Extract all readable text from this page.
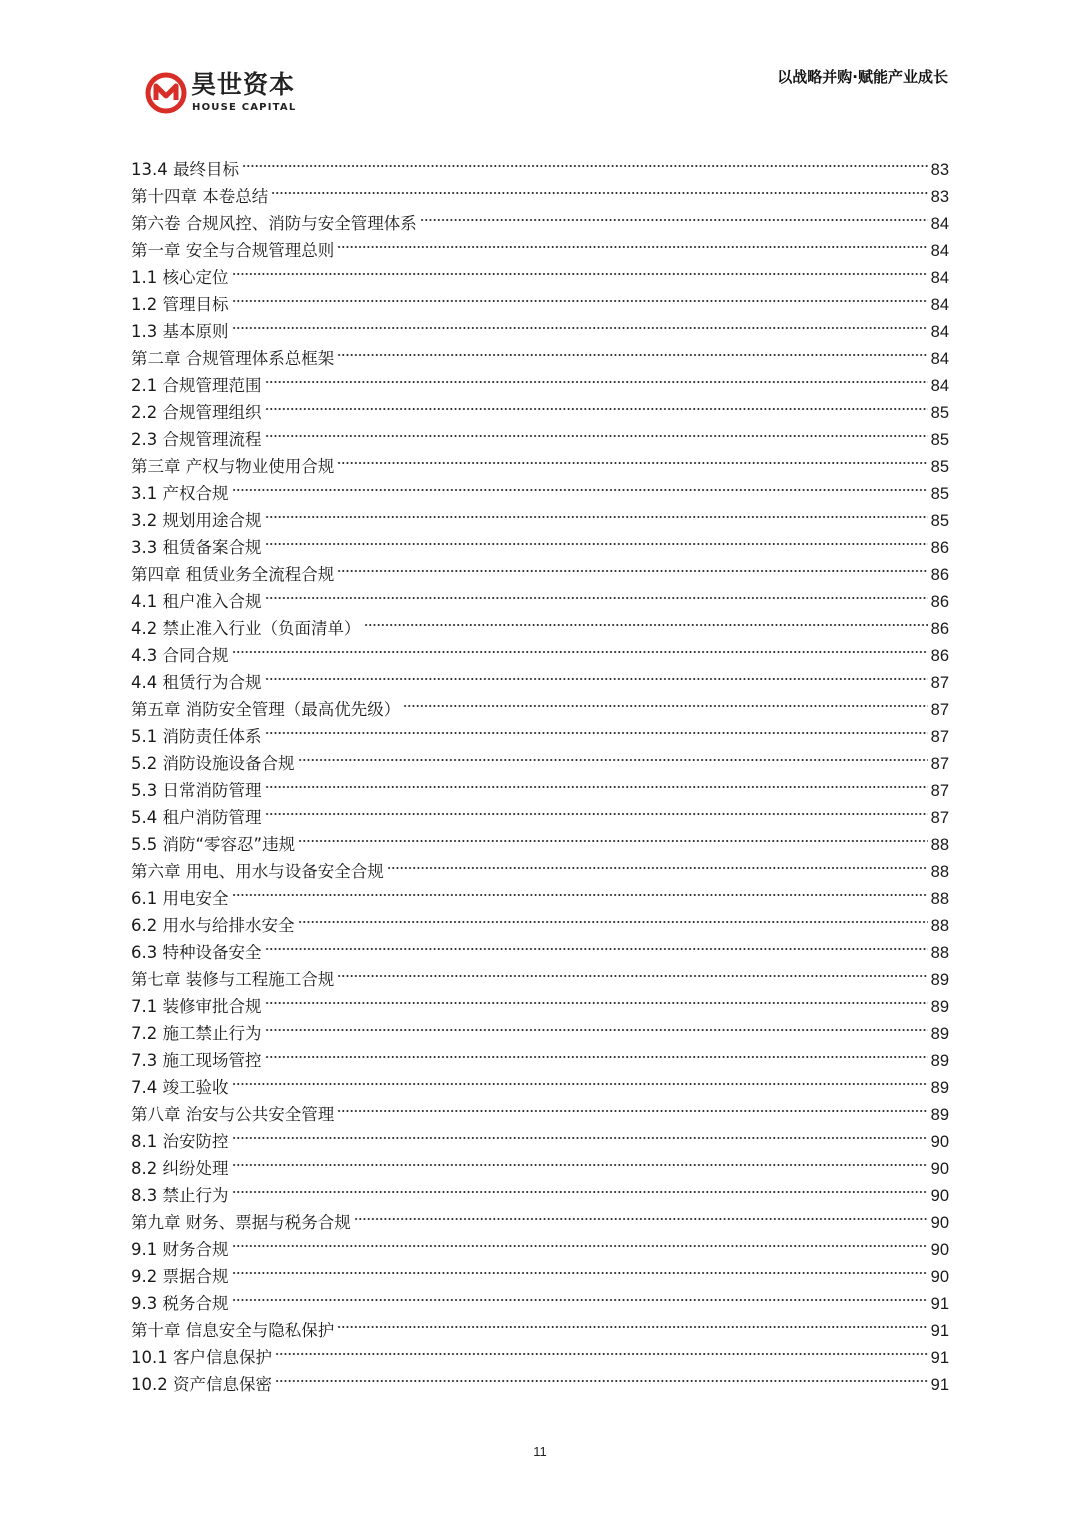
昊世资本
HOUSE CAPITAL
以战略并购·赋能产业成长
13.4 最终目标	83
第十四章 本卷总结	83
第六卷 合规风控、消防与安全管理体系	84
第一章 安全与合规管理总则	84
1.1 核心定位	84
1.2 管理目标	84
1.3 基本原则	84
第二章 合规管理体系总框架	84
2.1 合规管理范围	84
2.2 合规管理组织	85
2.3 合规管理流程	85
第三章 产权与物业使用合规	85
3.1 产权合规	85
3.2 规划用途合规	85
3.3 租赁备案合规	86
第四章 租赁业务全流程合规	86
4.1 租户准入合规	86
4.2 禁止准入行业（负面清单）	86
4.3 合同合规	86
4.4 租赁行为合规	87
第五章 消防安全管理（最高优先级）	87
5.1 消防责任体系	87
5.2 消防设施设备合规	87
5.3 日常消防管理	87
5.4 租户消防管理	87
5.5 消防“零容忍”违规	88
第六章 用电、用水与设备安全合规	88
6.1 用电安全	88
6.2 用水与给排水安全	88
6.3 特种设备安全	88
第七章 装修与工程施工合规	89
7.1 装修审批合规	89
7.2 施工禁止行为	89
7.3 施工现场管控	89
7.4 竣工验收	89
第八章 治安与公共安全管理	89
8.1 治安防控	90
8.2 纠纷处理	90
8.3 禁止行为	90
第九章 财务、票据与税务合规	90
9.1 财务合规	90
9.2 票据合规	90
9.3 税务合规	91
第十章 信息安全与隐私保护	91
10.1 客户信息保护	91
10.2 资产信息保密	91
11
